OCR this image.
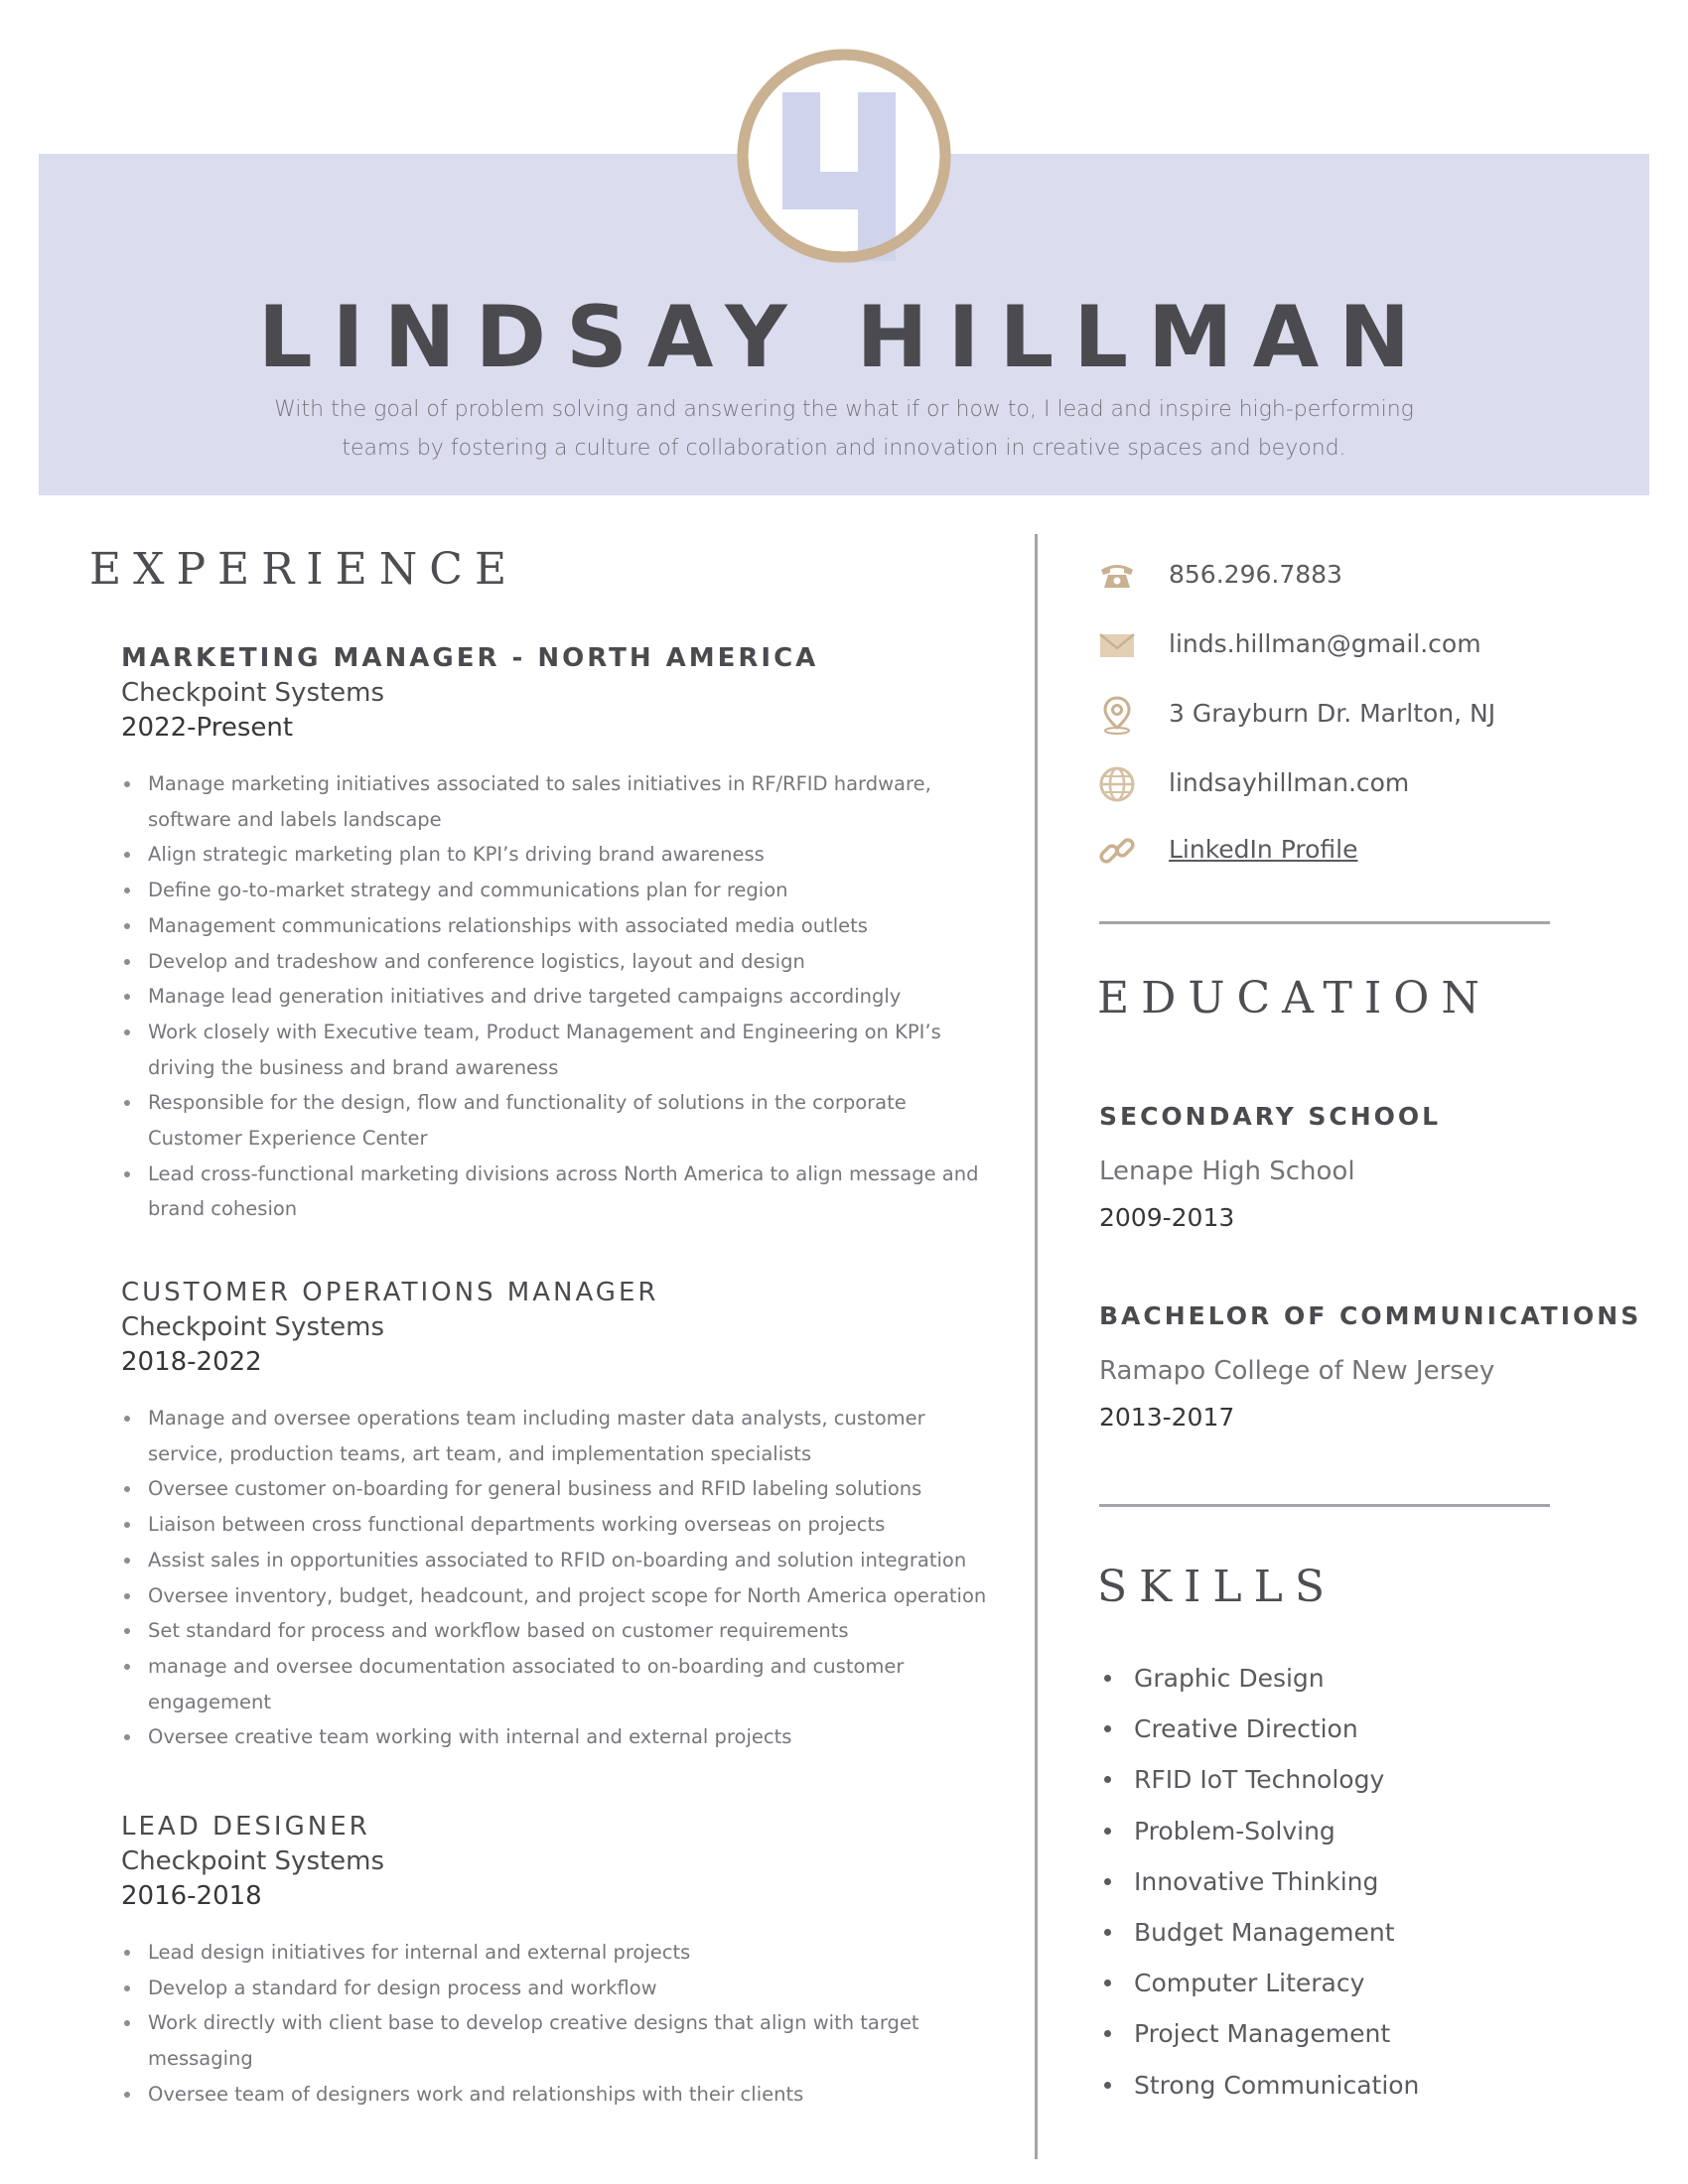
LINDSAY HILLMAN
With the goal of problem solving and answering the what if or how to, I lead and inspire high-performing
teams by fostering a culture of collaboration and innovation in creative spaces and beyond.
EXPERIENCE
MARKETING MANAGER - NORTH AMERICA
Checkpoint Systems
2022-Present
Manage marketing initiatives associated to sales initiatives in RF/RFID hardware, software and labels landscape
Align strategic marketing plan to KPI’s driving brand awareness
Define go-to-market strategy and communications plan for region
Management communications relationships with associated media outlets
Develop and tradeshow and conference logistics, layout and design
Manage lead generation initiatives and drive targeted campaigns accordingly
Work closely with Executive team, Product Management and Engineering on KPI’s driving the business and brand awareness
Responsible for the design, flow and functionality of solutions in the corporate Customer Experience Center
Lead cross-functional marketing divisions across North America to align message and brand cohesion
CUSTOMER OPERATIONS MANAGER
Checkpoint Systems
2018-2022
Manage and oversee operations team including master data analysts, customer service, production teams, art team, and implementation specialists
Oversee customer on-boarding for general business and RFID labeling solutions
Liaison between cross functional departments working overseas on projects
Assist sales in opportunities associated to RFID on-boarding and solution integration
Oversee inventory, budget, headcount, and project scope for North America operation
Set standard for process and workflow based on customer requirements
manage and oversee documentation associated to on-boarding and customer engagement
Oversee creative team working with internal and external projects
LEAD DESIGNER
Checkpoint Systems
2016-2018
Lead design initiatives for internal and external projects
Develop a standard for design process and workflow
Work directly with client base to develop creative designs that align with target messaging
Oversee team of designers work and relationships with their clients
856.296.7883
linds.hillman@gmail.com
3 Grayburn Dr. Marlton, NJ
lindsayhillman.com
LinkedIn Profile
EDUCATION
SECONDARY SCHOOL
Lenape High School
2009-2013
BACHELOR OF COMMUNICATIONS
Ramapo College of New Jersey
2013-2017
SKILLS
Graphic Design
Creative Direction
RFID IoT Technology
Problem-Solving
Innovative Thinking
Budget Management
Computer Literacy
Project Management
Strong Communication
